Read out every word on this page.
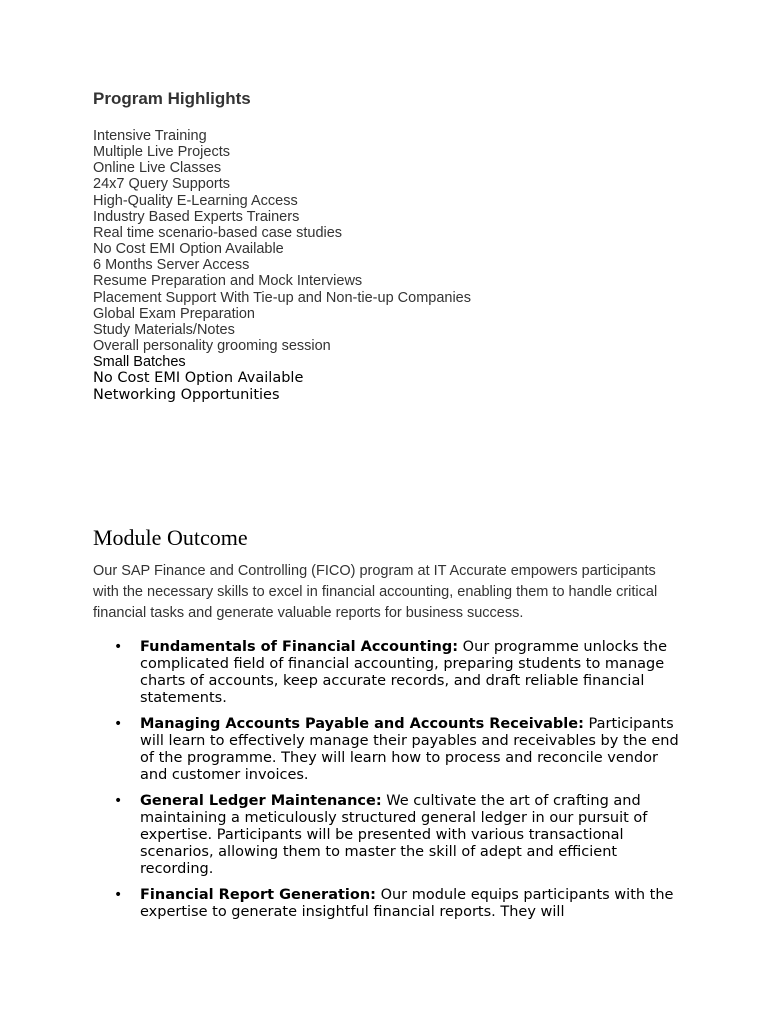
Program Highlights
Intensive Training
Multiple Live Projects
Online Live Classes
24x7 Query Supports
High-Quality E-Learning Access
Industry Based Experts Trainers
Real time scenario-based case studies
No Cost EMI Option Available
6 Months Server Access
Resume Preparation and Mock Interviews
Placement Support With Tie-up and Non-tie-up Companies
Global Exam Preparation
Study Materials/Notes
Overall personality grooming session
Small Batches
No Cost EMI Option Available
Networking Opportunities
Module Outcome

Our SAP Finance and Controlling (FICO) program at IT Accurate empowers participants with the necessary skills to excel in financial accounting, enabling them to handle critical financial tasks and generate valuable reports for business success.

• Fundamentals of Financial Accounting: Our programme unlocks the complicated field of financial accounting, preparing students to manage charts of accounts, keep accurate records, and draft reliable financial statements.
• Managing Accounts Payable and Accounts Receivable: Participants will learn to effectively manage their payables and receivables by the end of the programme. They will learn how to process and reconcile vendor and customer invoices.
• General Ledger Maintenance: We cultivate the art of crafting and maintaining a meticulously structured general ledger in our pursuit of expertise. Participants will be presented with various transactional scenarios, allowing them to master the skill of adept and efficient recording.
• Financial Report Generation: Our module equips participants with the expertise to generate insightful financial reports. They will
